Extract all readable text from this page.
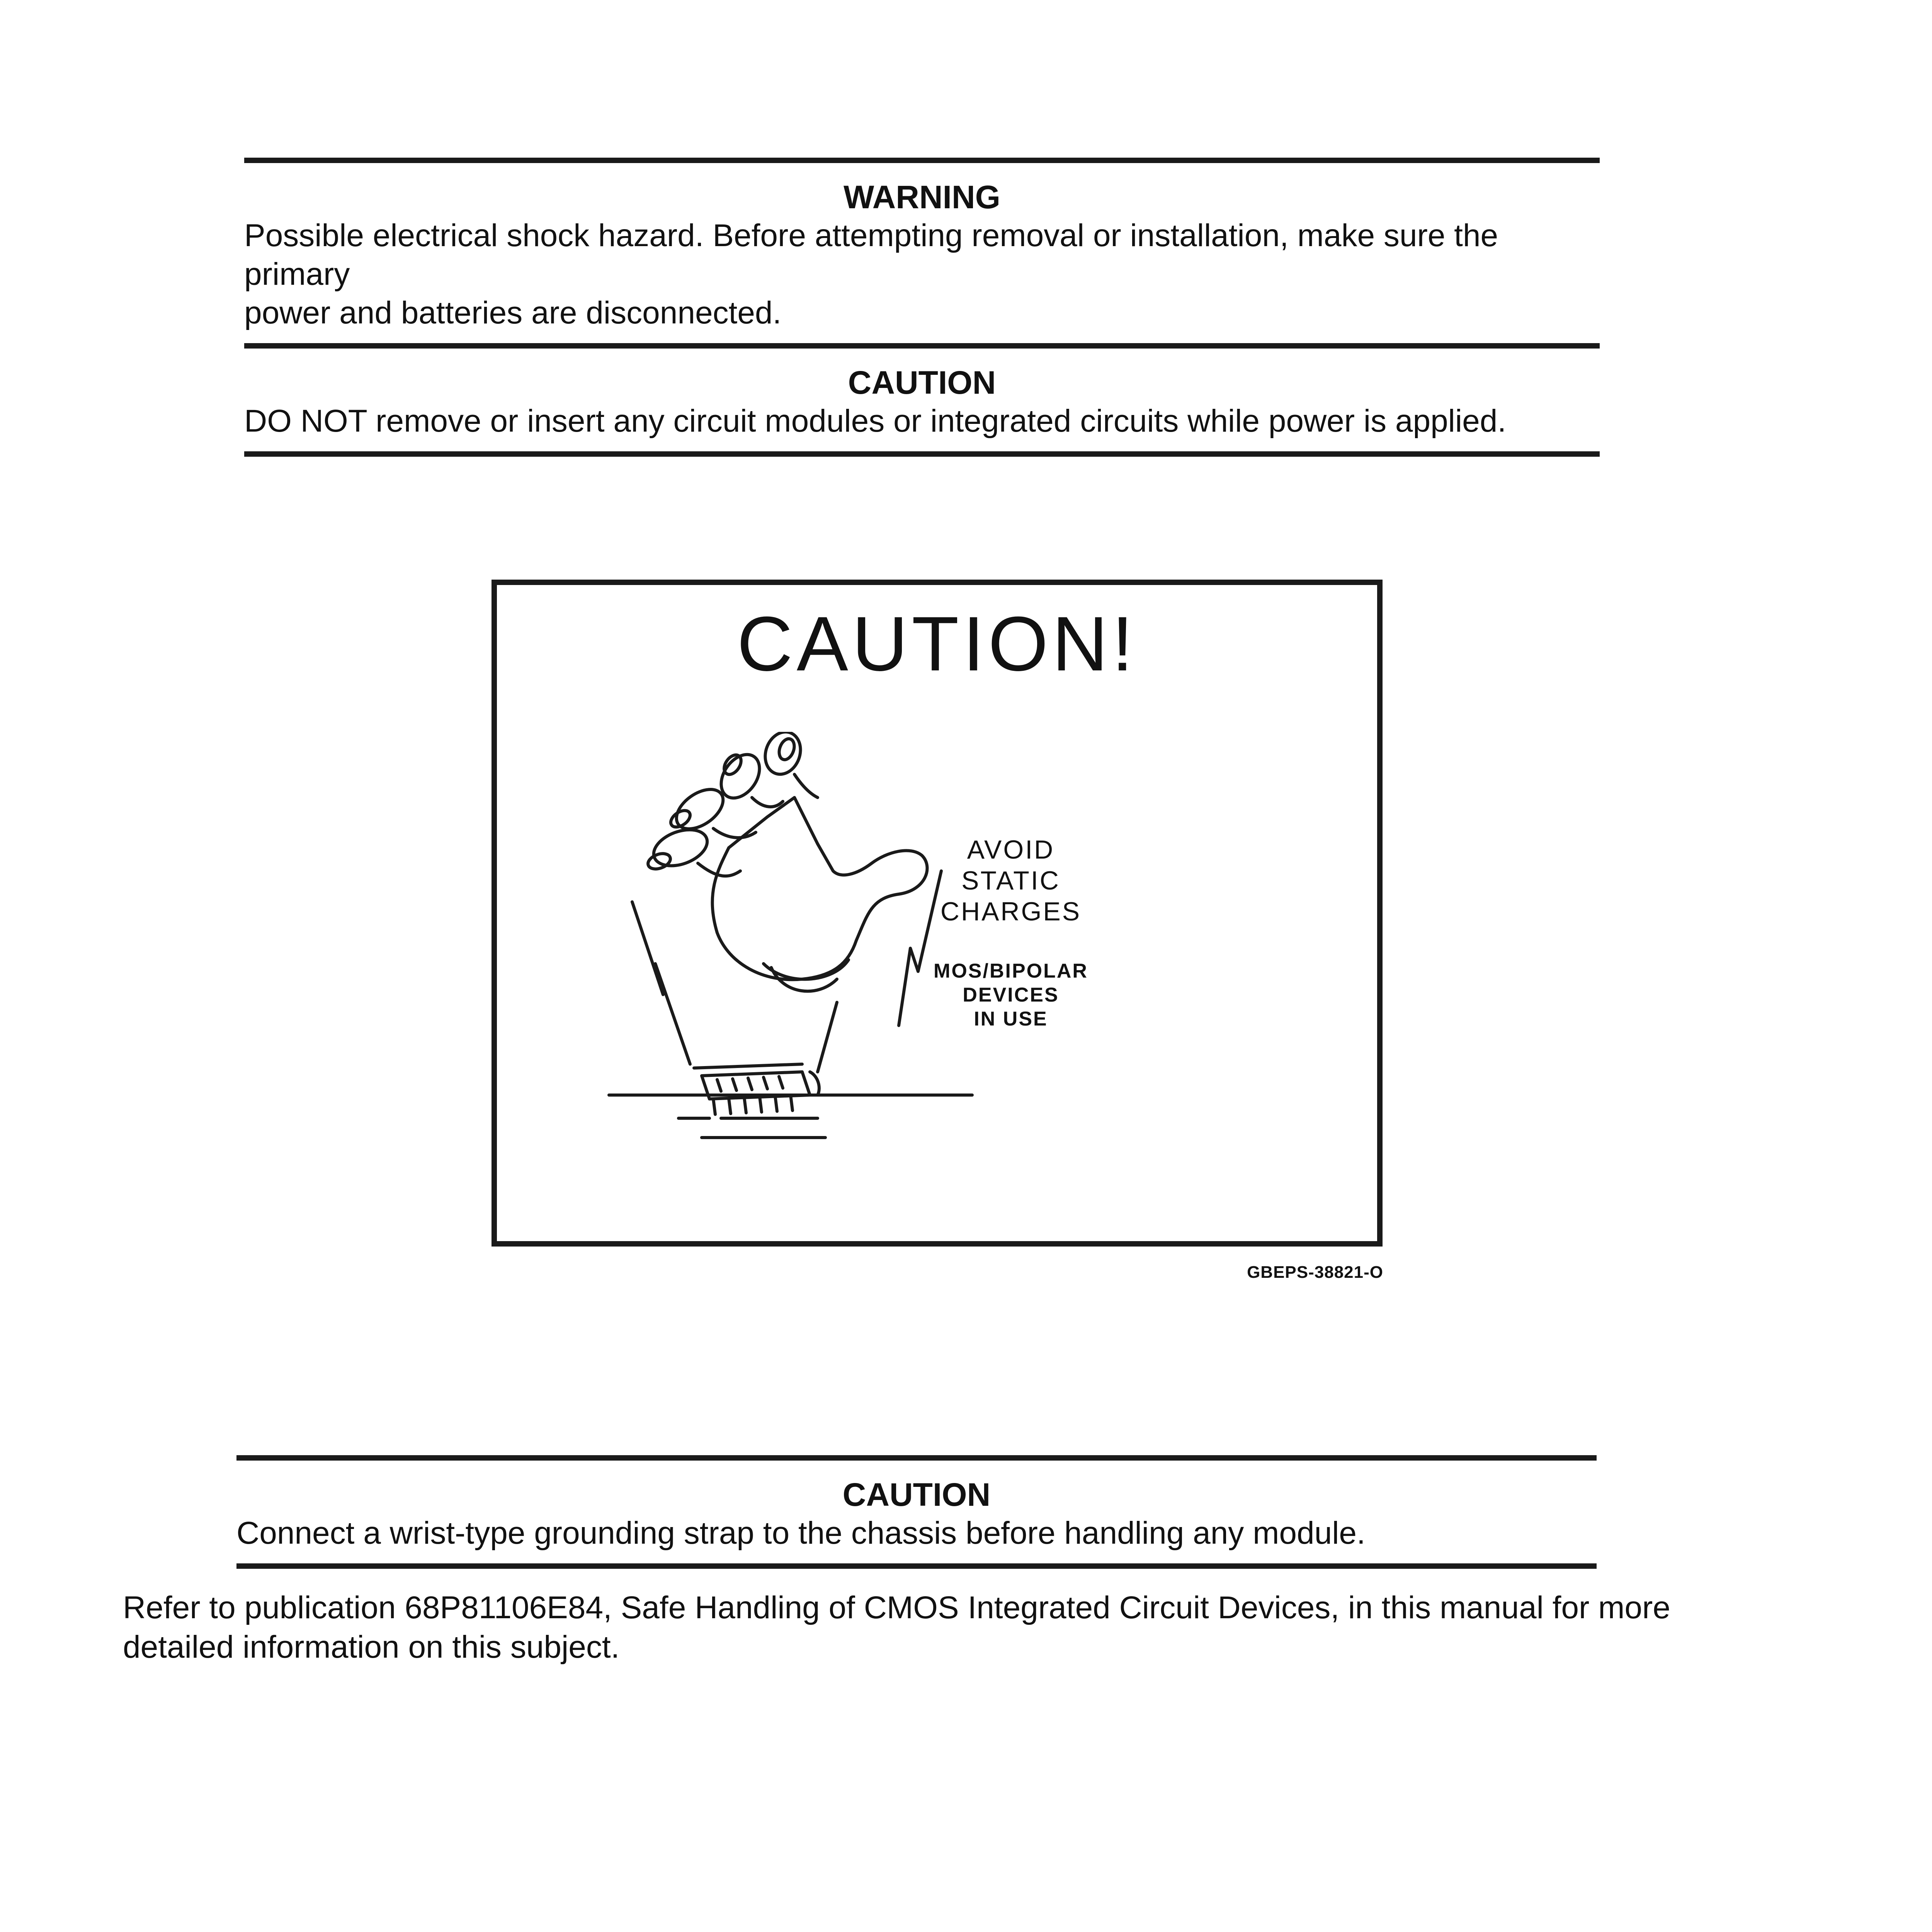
WARNING
Possible electrical shock hazard. Before attempting removal or installation, make sure the primary
power and batteries are disconnected.
CAUTION
DO NOT remove or insert any circuit modules or integrated circuits while power is applied.
CAUTION!
AVOID
STATIC
CHARGES
MOS/BIPOLAR
DEVICES
IN USE
GBEPS-38821-O
CAUTION
Connect a wrist-type grounding strap to the chassis before handling any module.
Refer to publication 68P81106E84, Safe Handling of CMOS Integrated Circuit Devices, in this manual for more
detailed information on this subject.
